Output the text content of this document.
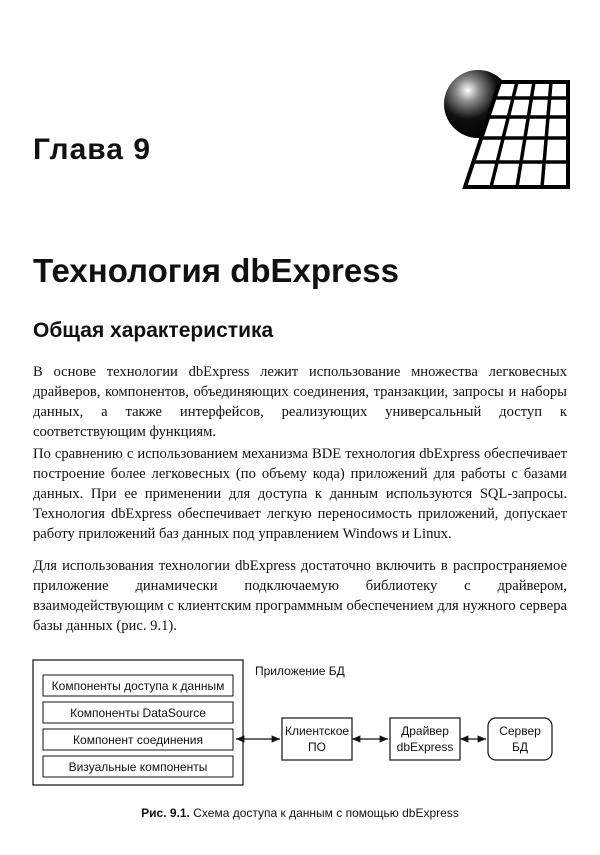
Глава 9
Технология dbExpress
Общая характеристика
В основе технологии dbExpress лежит использование множества легковесных драйверов, компонентов, объединяющих соединения, транзакции, запросы и наборы данных, а также интерфейсов, реализующих универсальный доступ к соответствующим функциям.
По сравнению с использованием механизма BDE технология dbExpress обеспечивает построение более легковесных (по объему кода) приложений для работы с базами данных. При ее применении для доступа к данным используются SQL-запросы. Технология dbExpress обеспечивает легкую переносимость приложений, допускает работу приложений баз данных под управлением Windows и Linux.
Для использования технологии dbExpress достаточно включить в распространяемое приложение динамически подключаемую библиотеку с драйвером, взаимодействующим с клиентским программным обеспечением для нужного сервера базы данных (рис. 9.1).
Приложение БД
Компоненты доступа к данным
Компоненты DataSource
Компонент соединения
Визуальные компоненты
Клиентское
ПО
Драйвер
dbExpress
Сервер
БД
Рис. 9.1. Схема доступа к данным с помощью dbExpress
